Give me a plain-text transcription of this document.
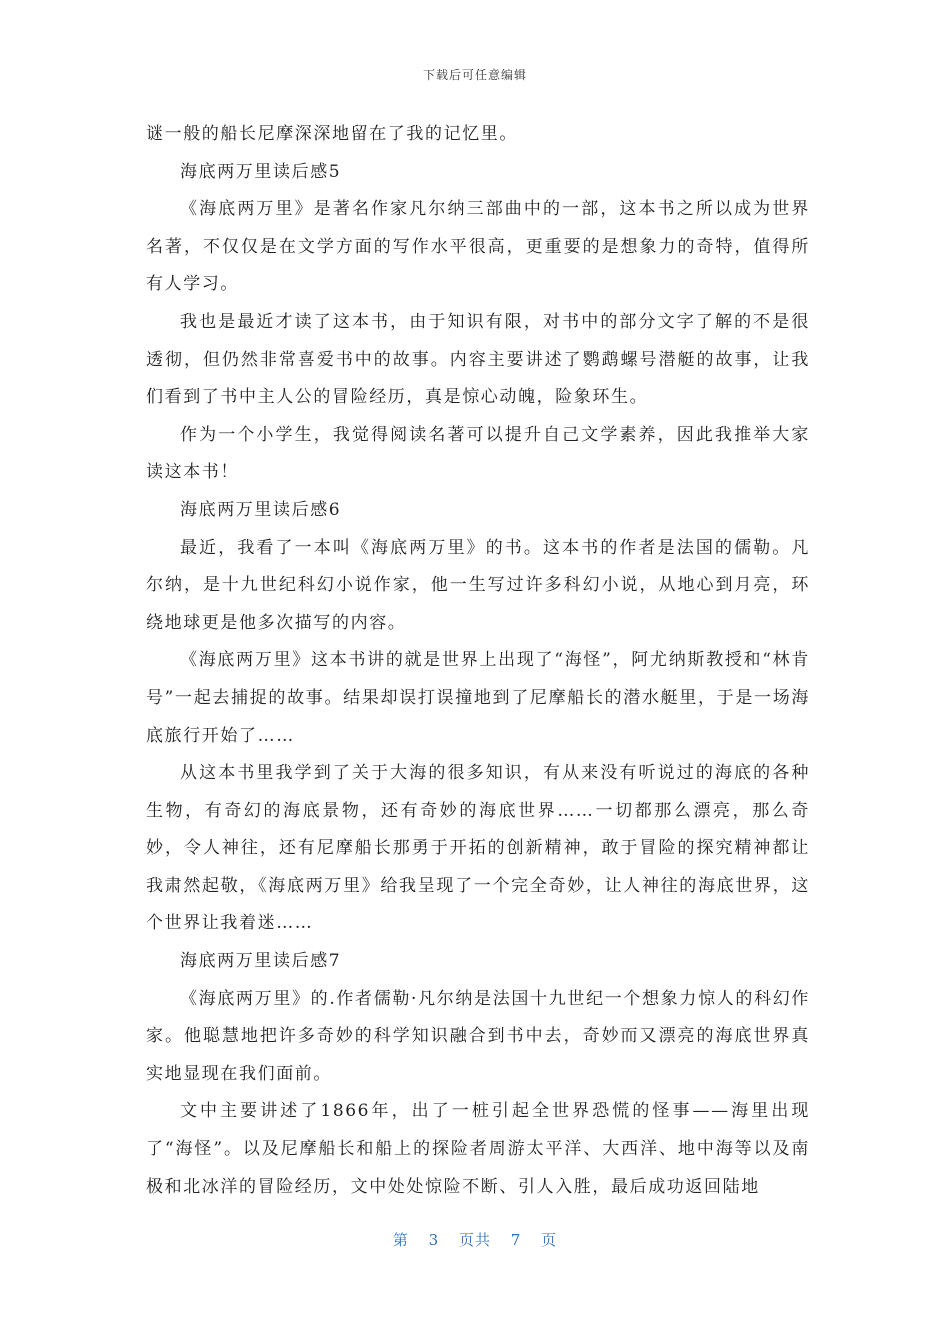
下载后可任意编辑

谜一般的船长尼摩深深地留在了我的记忆里。

海底两万里读后感5

《海底两万里》是著名作家凡尔纳三部曲中的一部，这本书之所以成为世界名著，不仅仅是在文学方面的写作水平很高，更重要的是想象力的奇特，值得所有人学习。

我也是最近才读了这本书，由于知识有限，对书中的部分文字了解的不是很透彻，但仍然非常喜爱书中的故事。内容主要讲述了鹦鹉螺号潜艇的故事，让我们看到了书中主人公的冒险经历，真是惊心动魄，险象环生。

作为一个小学生，我觉得阅读名著可以提升自己文学素养，因此我推举大家读这本书！

海底两万里读后感6

最近，我看了一本叫《海底两万里》的书。这本书的作者是法国的儒勒。凡尔纳，是十九世纪科幻小说作家，他一生写过许多科幻小说，从地心到月亮，环绕地球更是他多次描写的内容。

《海底两万里》这本书讲的就是世界上出现了“海怪”，阿尤纳斯教授和“林肯号”一起去捕捉的故事。结果却误打误撞地到了尼摩船长的潜水艇里，于是一场海底旅行开始了……

从这本书里我学到了关于大海的很多知识，有从来没有听说过的海底的各种生物，有奇幻的海底景物，还有奇妙的海底世界……一切都那么漂亮，那么奇妙，令人神往，还有尼摩船长那勇于开拓的创新精神，敢于冒险的探究精神都让我肃然起敬，《海底两万里》给我呈现了一个完全奇妙，让人神往的海底世界，这个世界让我着迷……

海底两万里读后感7

《海底两万里》的.作者儒勒·凡尔纳是法国十九世纪一个想象力惊人的科幻作家。他聪慧地把许多奇妙的科学知识融合到书中去，奇妙而又漂亮的海底世界真实地显现在我们面前。

文中主要讲述了1866年，出了一桩引起全世界恐慌的怪事——海里出现了“海怪”。以及尼摩船长和船上的探险者周游太平洋、大西洋、地中海等以及南极和北冰洋的冒险经历，文中处处惊险不断、引人入胜，最后成功返回陆地

第 3 页共 7 页
